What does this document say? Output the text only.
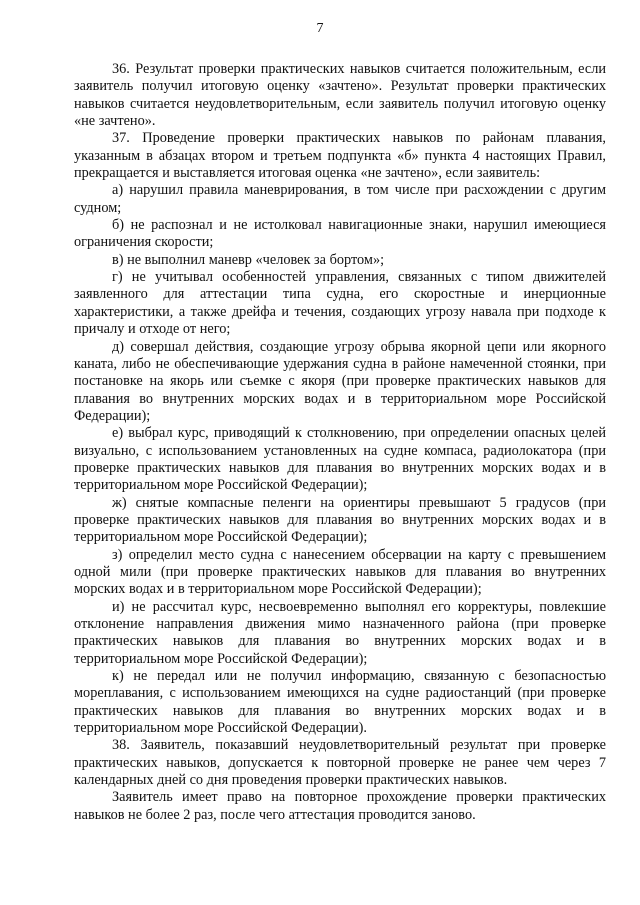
7

36. Результат проверки практических навыков считается положительным, если заявитель получил итоговую оценку «зачтено». Результат проверки практических навыков считается неудовлетворительным, если заявитель получил итоговую оценку «не зачтено».

37. Проведение проверки практических навыков по районам плавания, указанным в абзацах втором и третьем подпункта «б» пункта 4 настоящих Правил, прекращается и выставляется итоговая оценка «не зачтено», если заявитель:

а) нарушил правила маневрирования, в том числе при расхождении с другим судном;

б) не распознал и не истолковал навигационные знаки, нарушил имеющиеся ограничения скорости;

в) не выполнил маневр «человек за бортом»;

г) не учитывал особенностей управления, связанных с типом движителей заявленного для аттестации типа судна, его скоростные и инерционные характеристики, а также дрейфа и течения, создающих угрозу навала при подходе к причалу и отходе от него;

д) совершал действия, создающие угрозу обрыва якорной цепи или якорного каната, либо не обеспечивающие удержания судна в районе намеченной стоянки, при постановке на якорь или съемке с якоря (при проверке практических навыков для плавания во внутренних морских водах и в территориальном море Российской Федерации);

е) выбрал курс, приводящий к столкновению, при определении опасных целей визуально, с использованием установленных на судне компаса, радиолокатора (при проверке практических навыков для плавания во внутренних морских водах и в территориальном море Российской Федерации);

ж) снятые компасные пеленги на ориентиры превышают 5 градусов (при проверке практических навыков для плавания во внутренних морских водах и в территориальном море Российской Федерации);

з) определил место судна с нанесением обсервации на карту с превышением одной мили (при проверке практических навыков для плавания во внутренних морских водах и в территориальном море Российской Федерации);

и) не рассчитал курс, несвоевременно выполнял его корректуры, повлекшие отклонение направления движения мимо назначенного района (при проверке практических навыков для плавания во внутренних морских водах и в территориальном море Российской Федерации);

к) не передал или не получил информацию, связанную с безопасностью мореплавания, с использованием имеющихся на судне радиостанций (при проверке практических навыков для плавания во внутренних морских водах и в территориальном море Российской Федерации).

38. Заявитель, показавший неудовлетворительный результат при проверке практических навыков, допускается к повторной проверке не ранее чем через 7 календарных дней со дня проведения проверки практических навыков.

Заявитель имеет право на повторное прохождение проверки практических навыков не более 2 раз, после чего аттестация проводится заново.
